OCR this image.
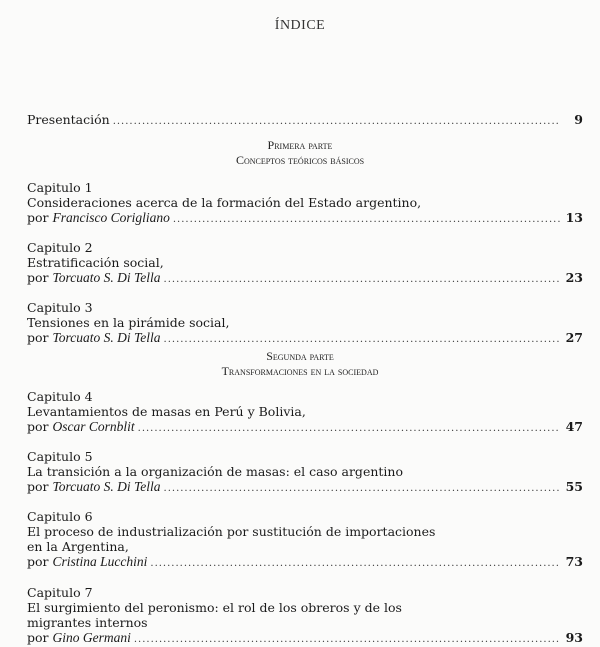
ÍNDICE
Presentación .....	9
Primera parte
Conceptos teóricos básicos
Segunda parte
Transformaciones en la sociedad
Capitulo 1
Consideraciones acerca de la formación del Estado argentino,
por Francisco Corigliano .....	13
Capitulo 2
Estratificación social,
por Torcuato S. Di Tella .....	23
Capitulo 3
Tensiones en la pirámide social,
por Torcuato S. Di Tella .....	27
Capitulo 4
Levantamientos de masas en Perú y Bolivia,
por Oscar Cornblit .....	47
Capitulo 5
La transición a la organización de masas: el caso argentino
por Torcuato S. Di Tella .....	55
Capitulo 6
El proceso de industrialización por sustitución de importaciones
en la Argentina,
por Cristina Lucchini .....	73
Capitulo 7
El surgimiento del peronismo: el rol de los obreros y de los
migrantes internos
por Gino Germani .....	93
